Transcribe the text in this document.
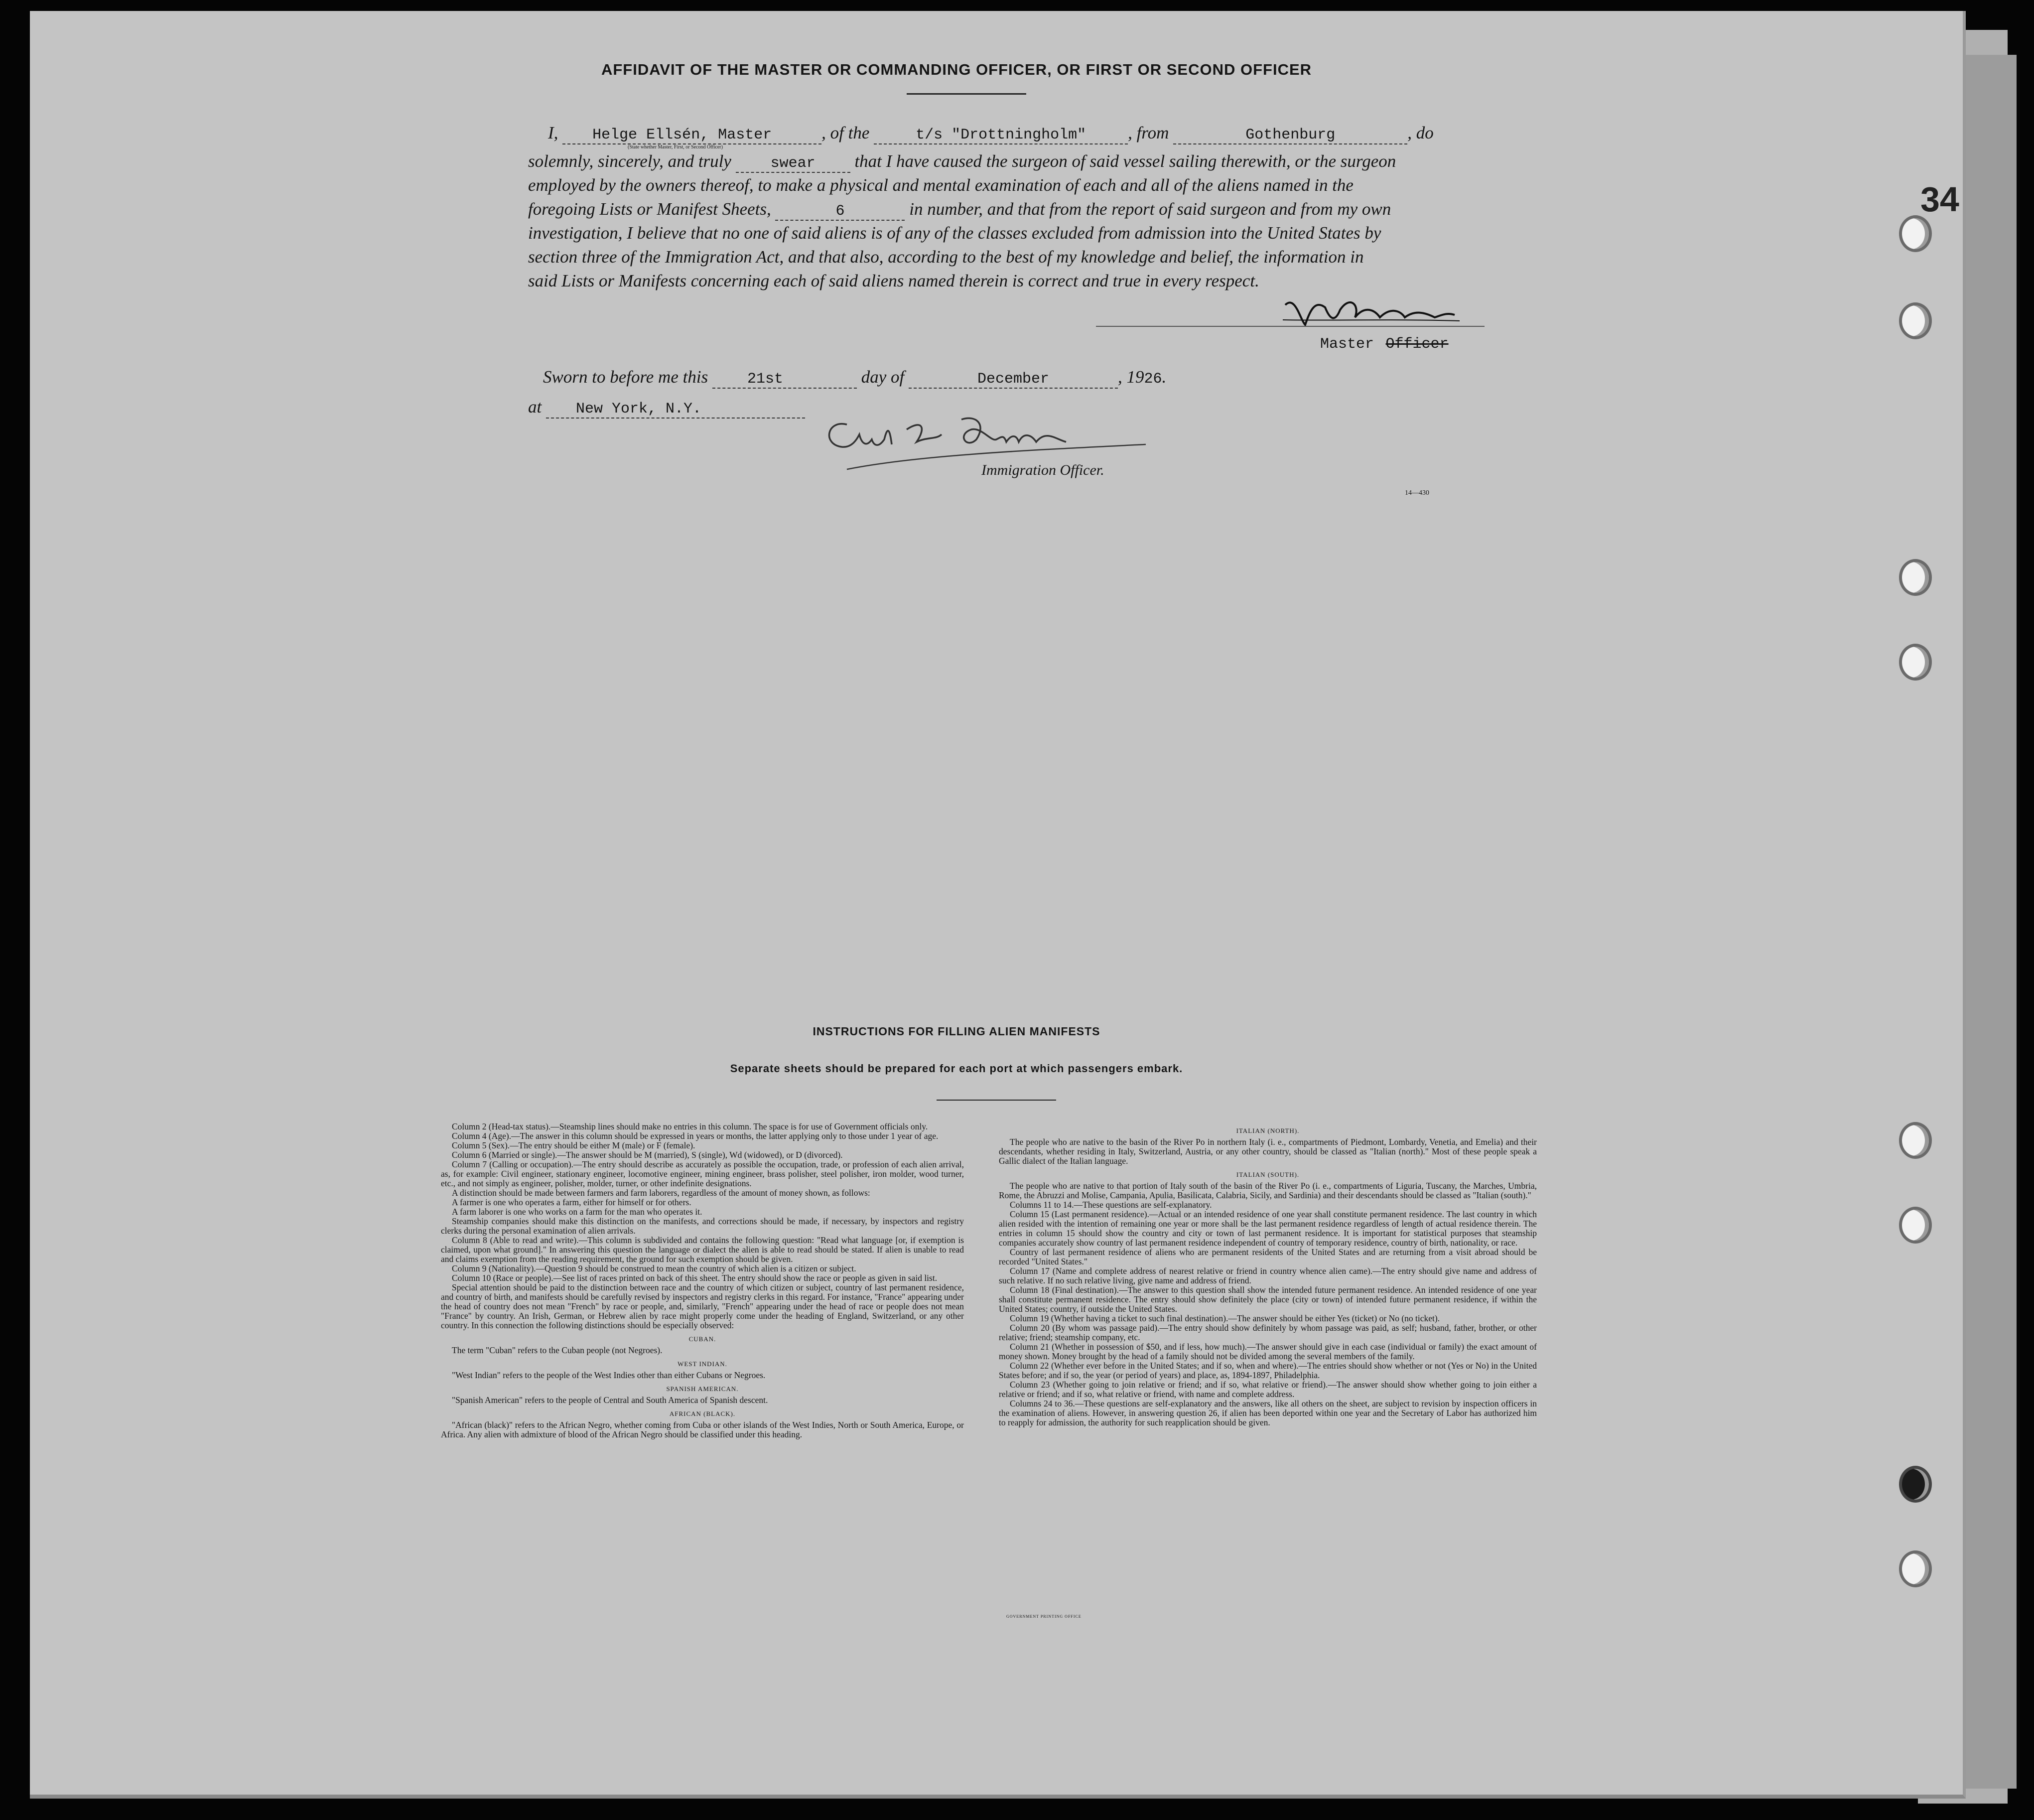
AFFIDAVIT OF THE MASTER OR COMMANDING OFFICER, OR FIRST OR SECOND OFFICER
I, Helge Ellsén, Master	, of the	t/s "Drottningholm" , from	Gothenburg	, do
(State whether Master, First, or Second Officer)
solemnly, sincerely, and truly	swear that I have caused the surgeon of said vessel sailing therewith, or the surgeon
employed by the owners thereof, to make a physical and mental examination of each and all of the aliens named in the
foregoing Lists or Manifest Sheets,	6	in number, and that from the report of said surgeon and from my own
investigation, I believe that no one of said aliens is of any of the classes excluded from admission into the United States by
section three of the Immigration Act, and that also, according to the best of my knowledge and belief, the information in
said Lists or Manifests concerning each of said aliens named therein is correct and true in every respect.
Master Officer
Sworn to before me this	21st	day of	December	, 1926.
at New York, N.Y.
Immigration Officer.
14—430
INSTRUCTIONS FOR FILLING ALIEN MANIFESTS
Separate sheets should be prepared for each port at which passengers embark.

Column 2 (Head-tax status).—Steamship lines should make no entries in this column. The space is for use of Government officials only.

Column 4 (Age).—The answer in this column should be expressed in years or months, the latter applying only to those under 1 year of age.

Column 5 (Sex).—The entry should be either M (male) or F (female).

Column 6 (Married or single).—The answer should be M (married), S (single), Wd (widowed), or D (divorced).

Column 7 (Calling or occupation).—The entry should describe as accurately as possible the occupation, trade, or profession of each alien arrival, as, for example: Civil engineer, stationary engineer, locomotive engineer, mining engineer, brass polisher, steel polisher, iron molder, wood turner, etc., and not simply as engineer, polisher, molder, turner, or other indefinite designations.

A distinction should be made between farmers and farm laborers, regardless of the amount of money shown, as follows:

A farmer is one who operates a farm, either for himself or for others.

A farm laborer is one who works on a farm for the man who operates it.

Steamship companies should make this distinction on the manifests, and corrections should be made, if necessary, by inspectors and registry clerks during the personal examination of alien arrivals.

Column 8 (Able to read and write).—This column is subdivided and contains the following question: "Read what language [or, if exemption is claimed, upon what ground]." In answering this question the language or dialect the alien is able to read should be stated. If alien is unable to read and claims exemption from the reading requirement, the ground for such exemption should be given.

Column 9 (Nationality).—Question 9 should be construed to mean the country of which alien is a citizen or subject.

Column 10 (Race or people).—See list of races printed on back of this sheet. The entry should show the race or people as given in said list.

Special attention should be paid to the distinction between race and the country of which citizen or subject, country of last permanent residence, and country of birth, and manifests should be carefully revised by inspectors and registry clerks in this regard. For instance, "France" appearing under the head of country does not mean "French" by race or people, and, similarly, "French" appearing under the head of race or people does not mean "France" by country. An Irish, German, or Hebrew alien by race might properly come under the heading of England, Switzerland, or any other country. In this connection the following distinctions should be especially observed:

CUBAN.

The term "Cuban" refers to the Cuban people (not Negroes).

WEST INDIAN.

"West Indian" refers to the people of the West Indies other than either Cubans or Negroes.

SPANISH AMERICAN.

"Spanish American" refers to the people of Central and South America of Spanish descent.

AFRICAN (BLACK).

"African (black)" refers to the African Negro, whether coming from Cuba or other islands of the West Indies, North or South America, Europe, or Africa. Any alien with admixture of blood of the African Negro should be classified under this heading.

ITALIAN (NORTH).

The people who are native to the basin of the River Po in northern Italy (i. e., compartments of Piedmont, Lombardy, Venetia, and Emelia) and their descendants, whether residing in Italy, Switzerland, Austria, or any other country, should be classed as "Italian (north)." Most of these people speak a Gallic dialect of the Italian language.

ITALIAN (SOUTH).

The people who are native to that portion of Italy south of the basin of the River Po (i. e., compartments of Liguria, Tuscany, the Marches, Umbria, Rome, the Abruzzi and Molise, Campania, Apulia, Basilicata, Calabria, Sicily, and Sardinia) and their descendants should be classed as "Italian (south)."

Columns 11 to 14.—These questions are self-explanatory.

Column 15 (Last permanent residence).—Actual or an intended residence of one year shall constitute permanent residence. The last country in which alien resided with the intention of remaining one year or more shall be the last permanent residence regardless of length of actual residence therein. The entries in column 15 should show the country and city or town of last permanent residence. It is important for statistical purposes that steamship companies accurately show country of last permanent residence independent of country of temporary residence, country of birth, nationality, or race.

Country of last permanent residence of aliens who are permanent residents of the United States and are returning from a visit abroad should be recorded "United States."

Column 17 (Name and complete address of nearest relative or friend in country whence alien came).—The entry should give name and address of such relative. If no such relative living, give name and address of friend.

Column 18 (Final destination).—The answer to this question shall show the intended future permanent residence. An intended residence of one year shall constitute permanent residence. The entry should show definitely the place (city or town) of intended future permanent residence, if within the United States; country, if outside the United States.

Column 19 (Whether having a ticket to such final destination).—The answer should be either Yes (ticket) or No (no ticket).

Column 20 (By whom was passage paid).—The entry should show definitely by whom passage was paid, as self; husband, father, brother, or other relative; friend; steamship company, etc.

Column 21 (Whether in possession of $50, and if less, how much).—The answer should give in each case (individual or family) the exact amount of money shown. Money brought by the head of a family should not be divided among the several members of the family.

Column 22 (Whether ever before in the United States; and if so, when and where).—The entries should show whether or not (Yes or No) in the United States before; and if so, the year (or period of years) and place, as, 1894-1897, Philadelphia.

Column 23 (Whether going to join relative or friend; and if so, what relative or friend).—The answer should show whether going to join either a relative or friend; and if so, what relative or friend, with name and complete address.

Columns 24 to 36.—These questions are self-explanatory and the answers, like all others on the sheet, are subject to revision by inspection officers in the examination of aliens. However, in answering question 26, if alien has been deported within one year and the Secretary of Labor has authorized him to reapply for admission, the authority for such reapplication should be given.

GOVERNMENT PRINTING OFFICE
34
